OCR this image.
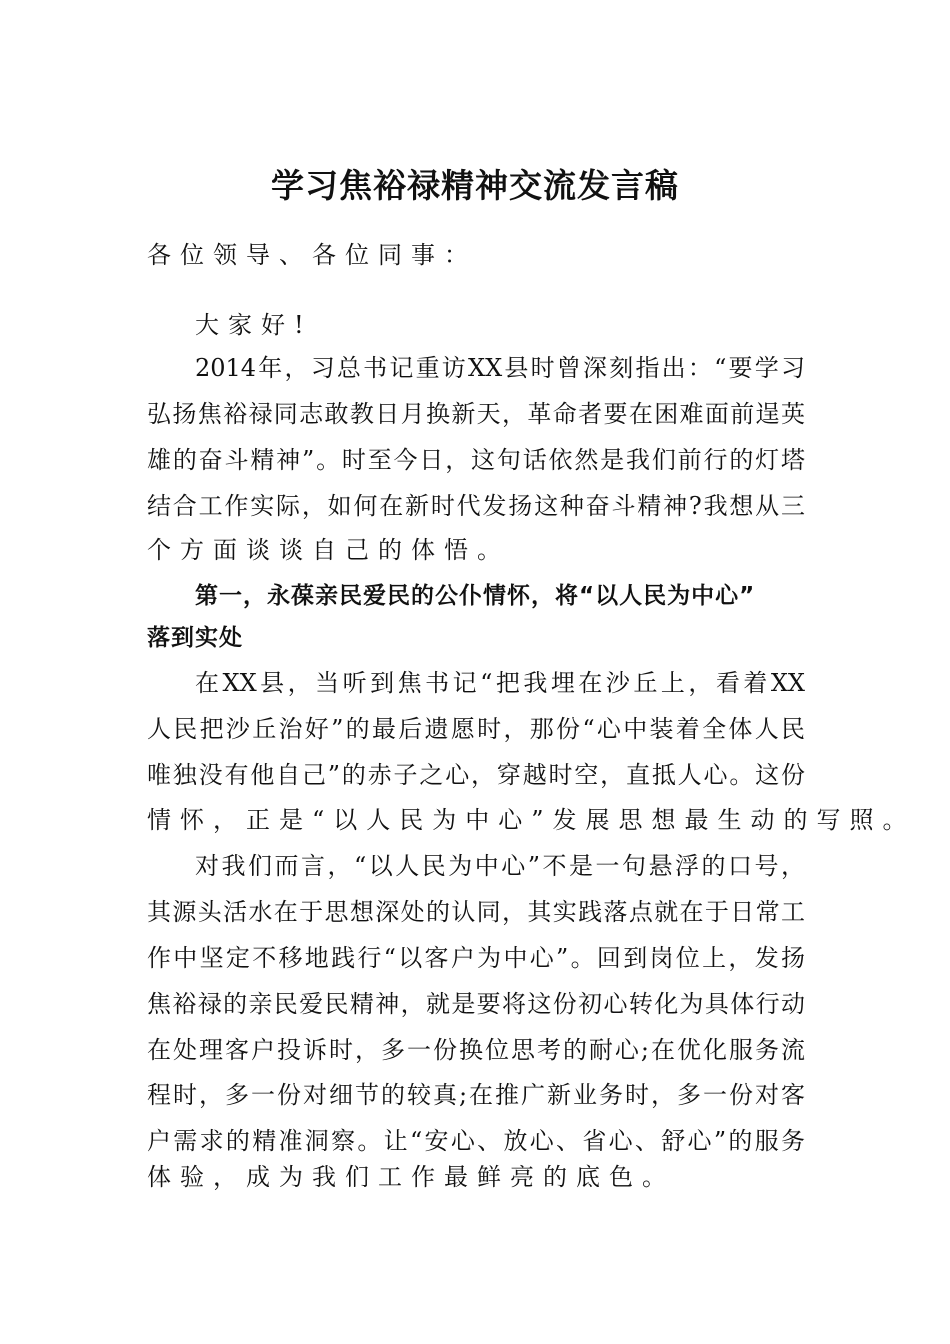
学习焦裕禄精神交流发言稿
各位领导、各位同事：
大家好!
2014年，习总书记重访XX县时曾深刻指出：“要学习
弘扬焦裕禄同志敢教日月换新天，革命者要在困难面前逞英
雄的奋斗精神”。时至今日，这句话依然是我们前行的灯塔
结合工作实际，如何在新时代发扬这种奋斗精神?我想从三
个方面谈谈自己的体悟。
第一，永葆亲民爱民的公仆情怀，将“以人民为中心”
落到实处
在XX县，当听到焦书记“把我埋在沙丘上，看着XX
人民把沙丘治好”的最后遗愿时，那份“心中装着全体人民
唯独没有他自己”的赤子之心，穿越时空，直抵人心。这份
情怀，正是“以人民为中心”发展思想最生动的写照。
对我们而言，“以人民为中心”不是一句悬浮的口号，
其源头活水在于思想深处的认同，其实践落点就在于日常工
作中坚定不移地践行“以客户为中心”。回到岗位上，发扬
焦裕禄的亲民爱民精神，就是要将这份初心转化为具体行动
在处理客户投诉时，多一份换位思考的耐心;在优化服务流
程时，多一份对细节的较真;在推广新业务时，多一份对客
户需求的精准洞察。让“安心、放心、省心、舒心”的服务
体验，成为我们工作最鲜亮的底色。
